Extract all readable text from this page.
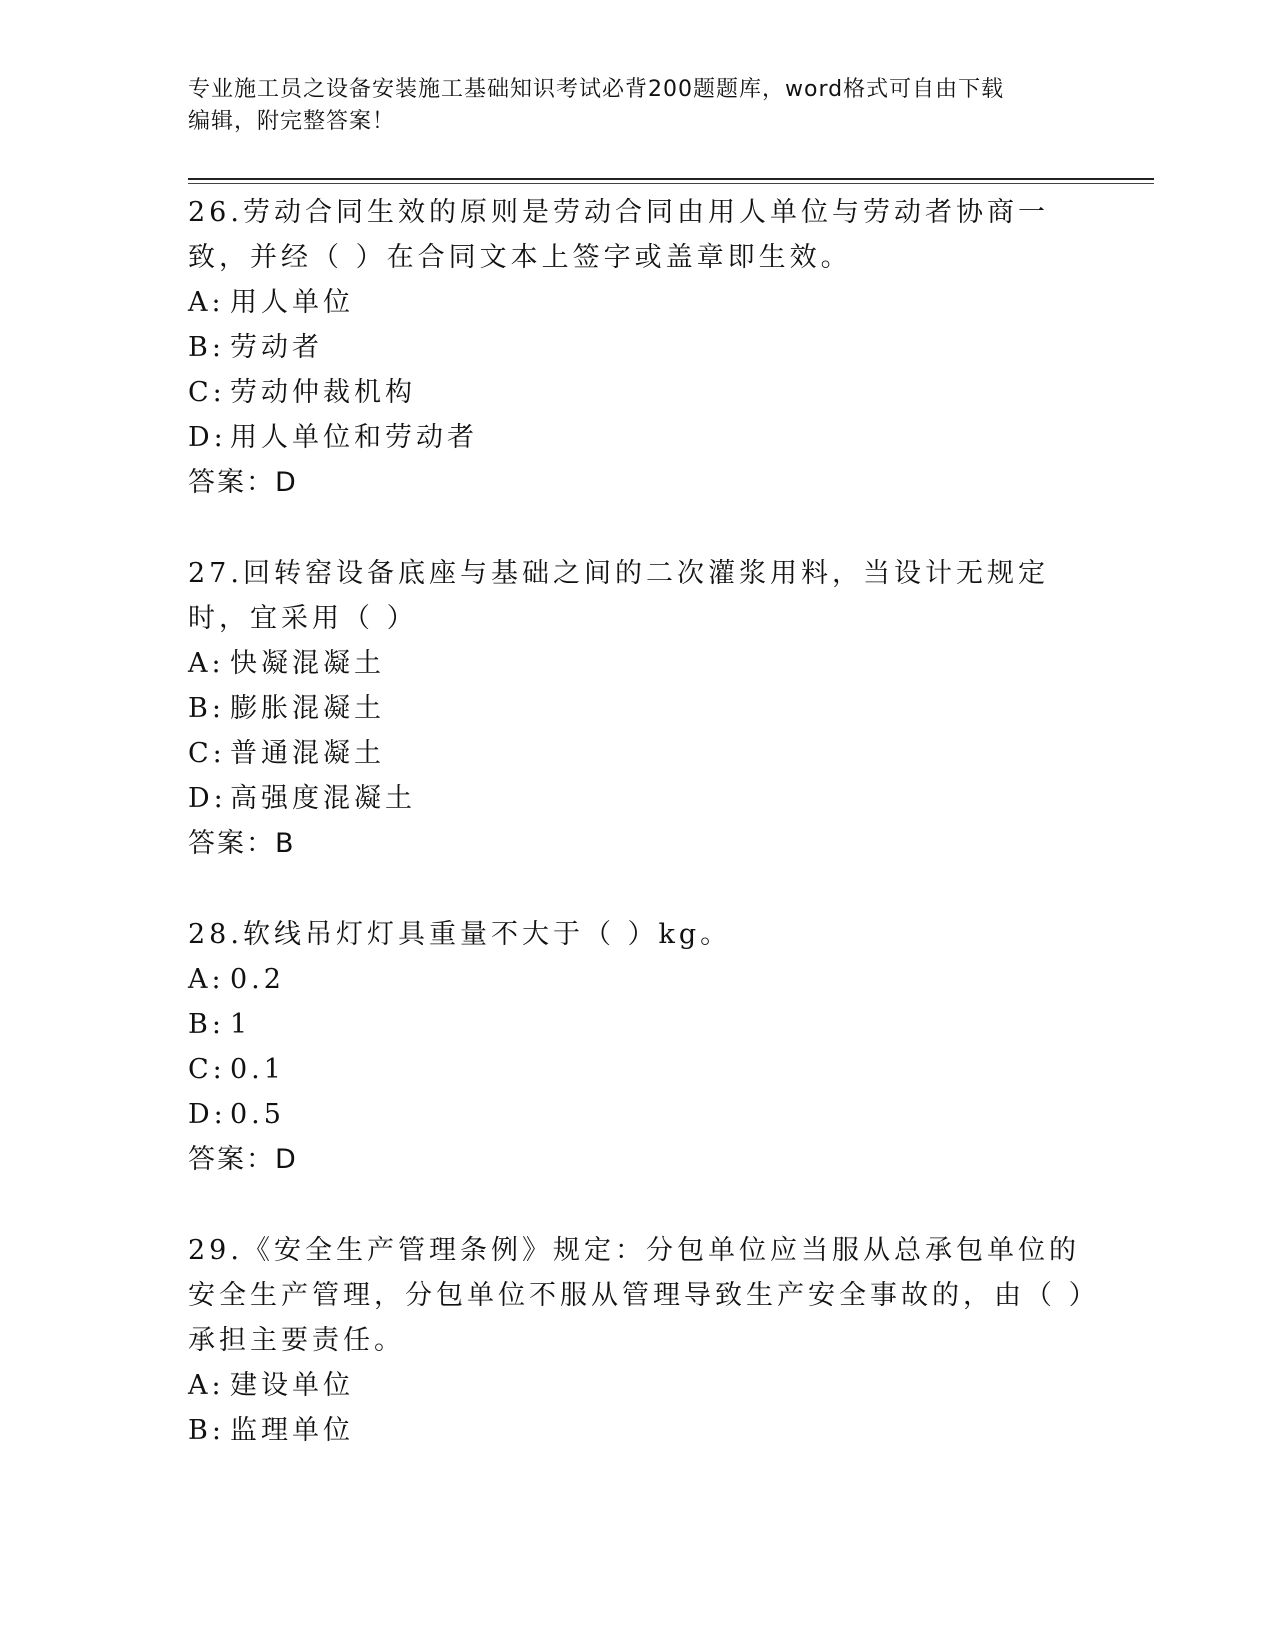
专业施工员之设备安装施工基础知识考试必背200题题库，word格式可自由下载
编辑，附完整答案！

26.劳动合同生效的原则是劳动合同由用人单位与劳动者协商一致，并经（ ）在合同文本上签字或盖章即生效。

A: 用人单位

B: 劳动者

C: 劳动仲裁机构

D: 用人单位和劳动者

答案：D

27.回转窑设备底座与基础之间的二次灌浆用料，当设计无规定时，宜采用（ ）

A: 快凝混凝土

B: 膨胀混凝土

C: 普通混凝土

D: 高强度混凝土

答案：B

28.软线吊灯灯具重量不大于（ ）kg。

A: 0.2

B: 1

C: 0.1

D: 0.5

答案：D

29.《安全生产管理条例》规定：分包单位应当服从总承包单位的安全生产管理，分包单位不服从管理导致生产安全事故的，由（ ）承担主要责任。

A: 建设单位

B: 监理单位
